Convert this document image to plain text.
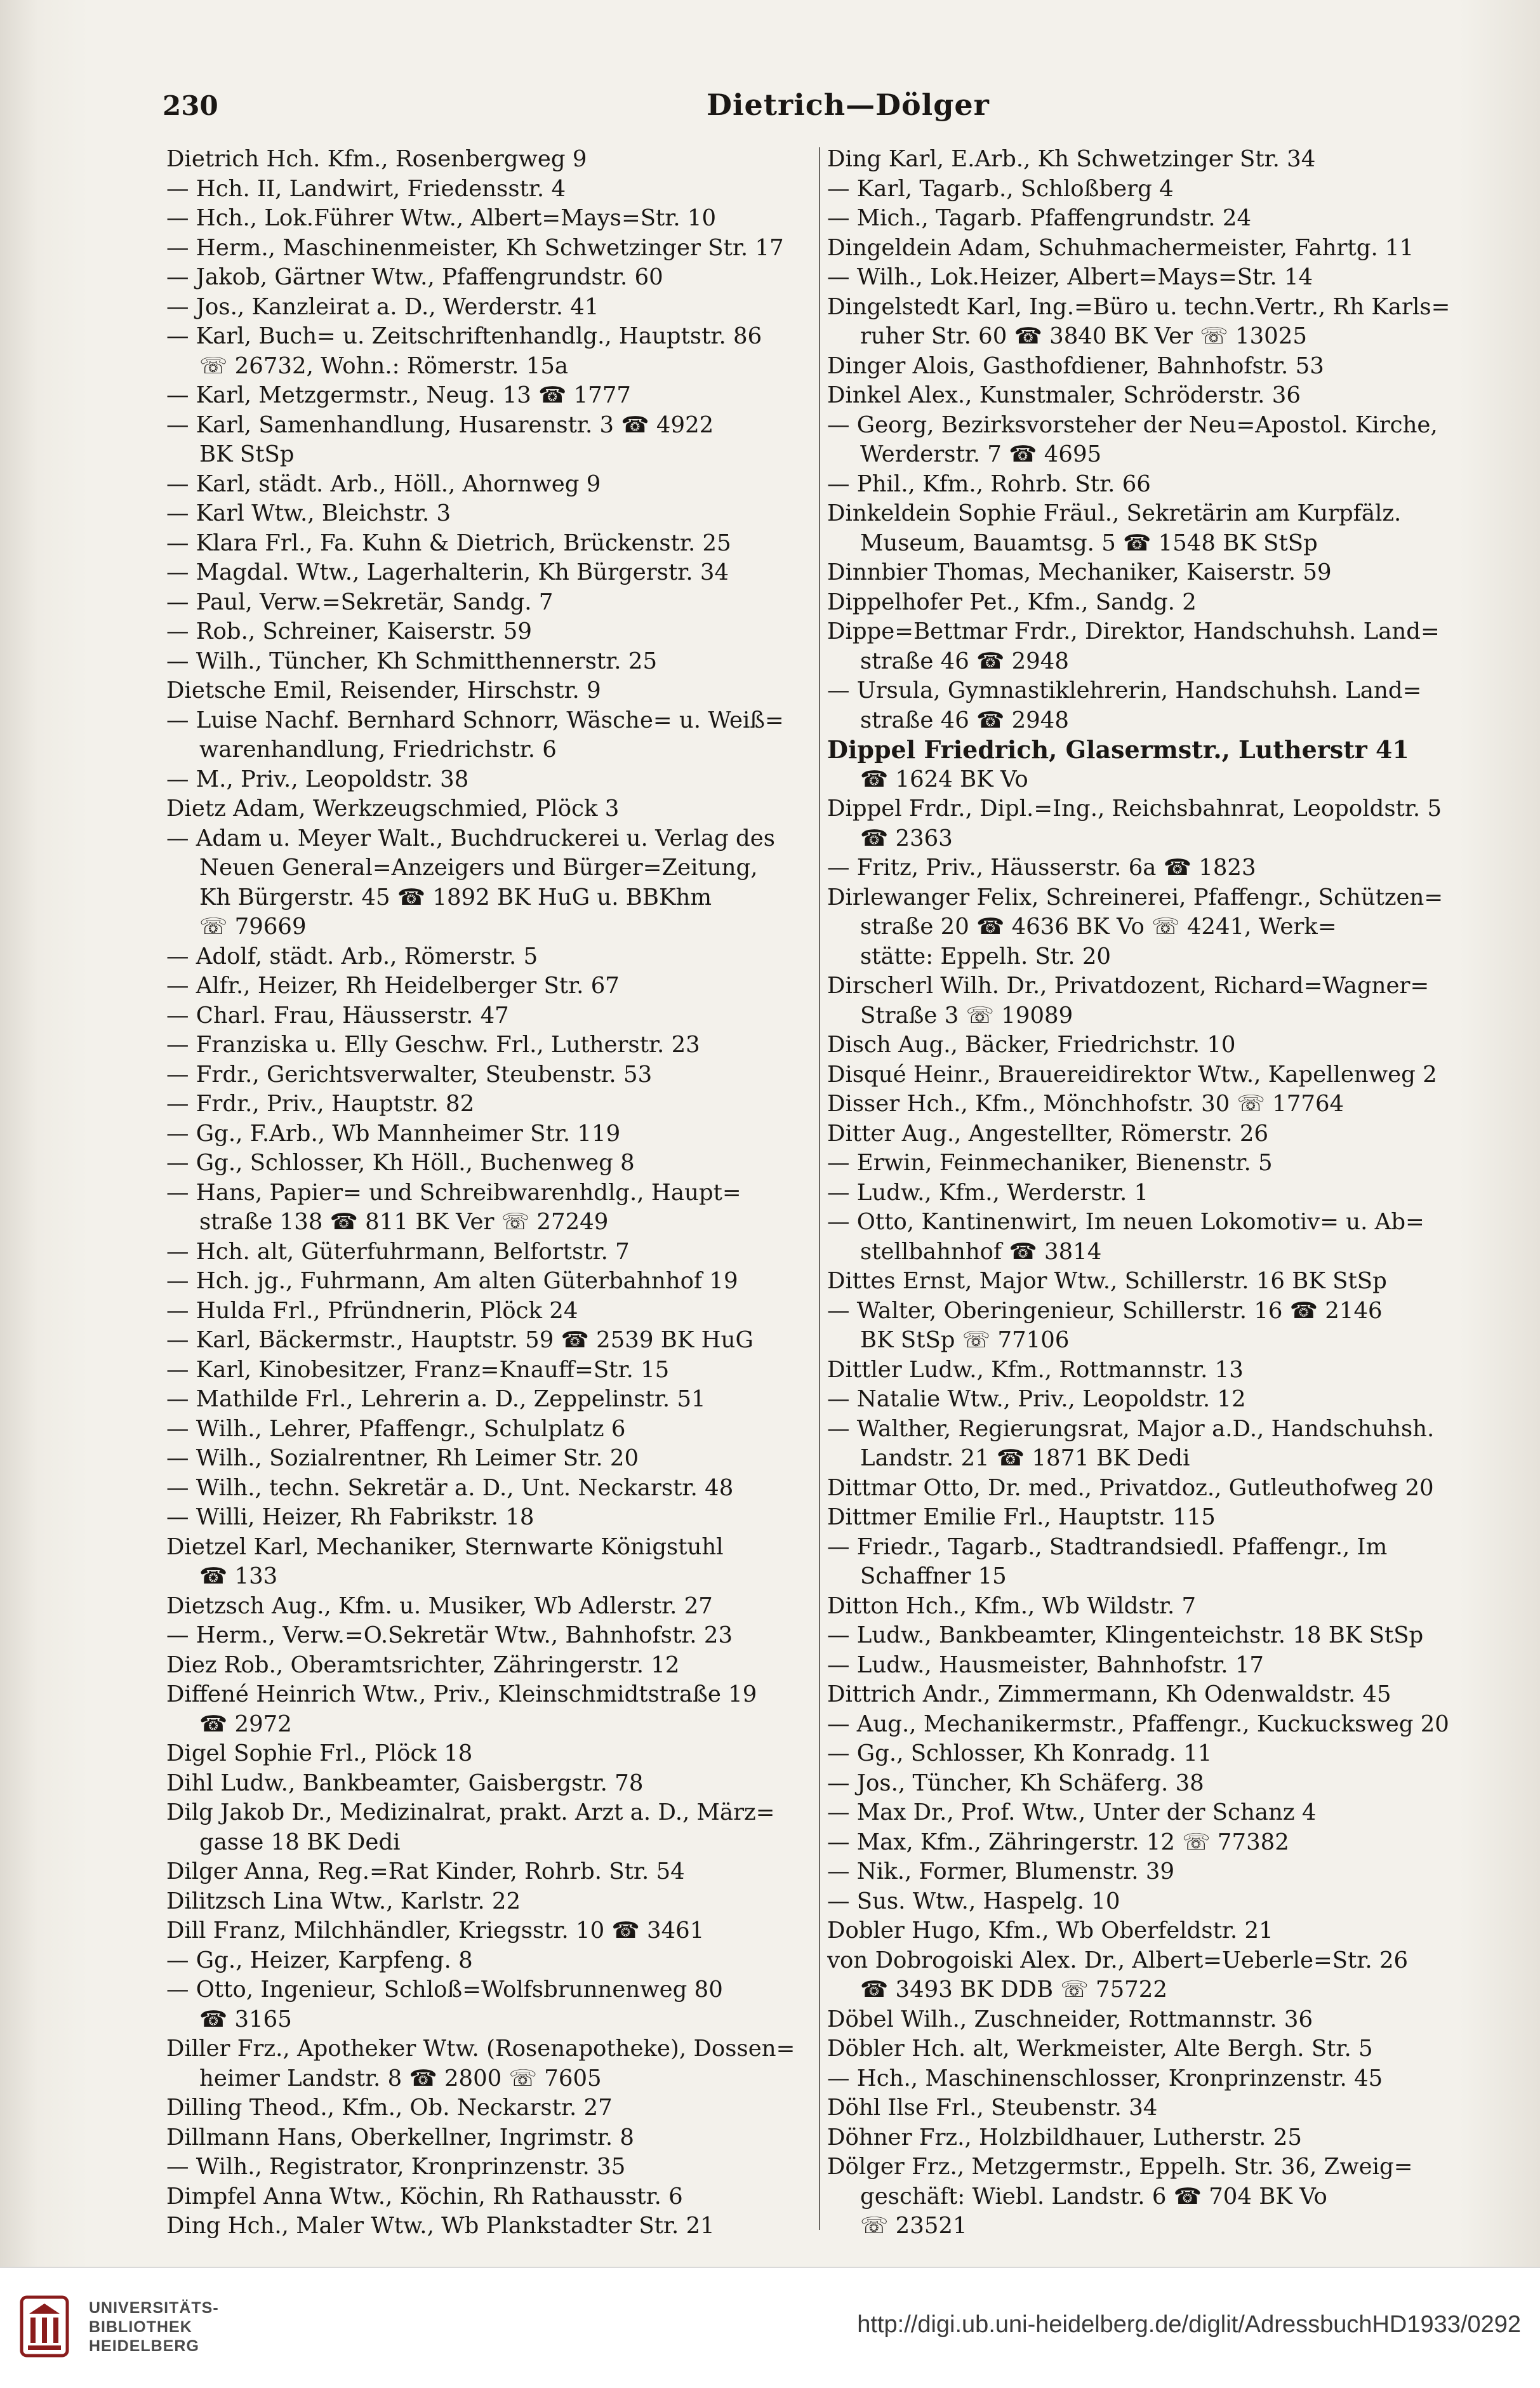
230	Dietrich—Dölger
Dietrich Hch. Kfm., Rosenbergweg 9
— Hch. II, Landwirt, Friedensstr. 4
— Hch., Lok.Führer Wtw., Albert=Mays=Str. 10
— Herm., Maschinenmeister, Kh Schwetzinger Str. 17
— Jakob, Gärtner Wtw., Pfaffengrundstr. 60
— Jos., Kanzleirat a. D., Werderstr. 41
— Karl, Buch= u. Zeitschriftenhandlg., Hauptstr. 86
☏ 26732, Wohn.: Römerstr. 15a
— Karl, Metzgermstr., Neug. 13 ☎ 1777
— Karl, Samenhandlung, Husarenstr. 3 ☎ 4922
BK StSp
— Karl, städt. Arb., Höll., Ahornweg 9
— Karl Wtw., Bleichstr. 3
— Klara Frl., Fa. Kuhn & Dietrich, Brückenstr. 25
— Magdal. Wtw., Lagerhalterin, Kh Bürgerstr. 34
— Paul, Verw.=Sekretär, Sandg. 7
— Rob., Schreiner, Kaiserstr. 59
— Wilh., Tüncher, Kh Schmitthennerstr. 25
Dietsche Emil, Reisender, Hirschstr. 9
— Luise Nachf. Bernhard Schnorr, Wäsche= u. Weiß=
warenhandlung, Friedrichstr. 6
— M., Priv., Leopoldstr. 38
Dietz Adam, Werkzeugschmied, Plöck 3
— Adam u. Meyer Walt., Buchdruckerei u. Verlag des
Neuen General=Anzeigers und Bürger=Zeitung,
Kh Bürgerstr. 45 ☎ 1892 BK HuG u. BBKhm
☏ 79669
— Adolf, städt. Arb., Römerstr. 5
— Alfr., Heizer, Rh Heidelberger Str. 67
— Charl. Frau, Häusserstr. 47
— Franziska u. Elly Geschw. Frl., Lutherstr. 23
— Frdr., Gerichtsverwalter, Steubenstr. 53
— Frdr., Priv., Hauptstr. 82
— Gg., F.Arb., Wb Mannheimer Str. 119
— Gg., Schlosser, Kh Höll., Buchenweg 8
— Hans, Papier= und Schreibwarenhdlg., Haupt=
straße 138 ☎ 811 BK Ver ☏ 27249
— Hch. alt, Güterfuhrmann, Belfortstr. 7
— Hch. jg., Fuhrmann, Am alten Güterbahnhof 19
— Hulda Frl., Pfründnerin, Plöck 24
— Karl, Bäckermstr., Hauptstr. 59 ☎ 2539 BK HuG
— Karl, Kinobesitzer, Franz=Knauff=Str. 15
— Mathilde Frl., Lehrerin a. D., Zeppelinstr. 51
— Wilh., Lehrer, Pfaffengr., Schulplatz 6
— Wilh., Sozialrentner, Rh Leimer Str. 20
— Wilh., techn. Sekretär a. D., Unt. Neckarstr. 48
— Willi, Heizer, Rh Fabrikstr. 18
Dietzel Karl, Mechaniker, Sternwarte Königstuhl
☎ 133
Dietzsch Aug., Kfm. u. Musiker, Wb Adlerstr. 27
— Herm., Verw.=O.Sekretär Wtw., Bahnhofstr. 23
Diez Rob., Oberamtsrichter, Zähringerstr. 12
Diffené Heinrich Wtw., Priv., Kleinschmidtstraße 19
☎ 2972
Digel Sophie Frl., Plöck 18
Dihl Ludw., Bankbeamter, Gaisbergstr. 78
Dilg Jakob Dr., Medizinalrat, prakt. Arzt a. D., März=
gasse 18 BK Dedi
Dilger Anna, Reg.=Rat Kinder, Rohrb. Str. 54
Dilitzsch Lina Wtw., Karlstr. 22
Dill Franz, Milchhändler, Kriegsstr. 10 ☎ 3461
— Gg., Heizer, Karpfeng. 8
— Otto, Ingenieur, Schloß=Wolfsbrunnenweg 80
☎ 3165
Diller Frz., Apotheker Wtw. (Rosenapotheke), Dossen=
heimer Landstr. 8 ☎ 2800 ☏ 7605
Dilling Theod., Kfm., Ob. Neckarstr. 27
Dillmann Hans, Oberkellner, Ingrimstr. 8
— Wilh., Registrator, Kronprinzenstr. 35
Dimpfel Anna Wtw., Köchin, Rh Rathausstr. 6
Ding Hch., Maler Wtw., Wb Plankstadter Str. 21
Ding Karl, E.Arb., Kh Schwetzinger Str. 34
— Karl, Tagarb., Schloßberg 4
— Mich., Tagarb. Pfaffengrundstr. 24
Dingeldein Adam, Schuhmachermeister, Fahrtg. 11
— Wilh., Lok.Heizer, Albert=Mays=Str. 14
Dingelstedt Karl, Ing.=Büro u. techn.Vertr., Rh Karls=
ruher Str. 60 ☎ 3840 BK Ver ☏ 13025
Dinger Alois, Gasthofdiener, Bahnhofstr. 53
Dinkel Alex., Kunstmaler, Schröderstr. 36
— Georg, Bezirksvorsteher der Neu=Apostol. Kirche,
Werderstr. 7 ☎ 4695
— Phil., Kfm., Rohrb. Str. 66
Dinkeldein Sophie Fräul., Sekretärin am Kurpfälz.
Museum, Bauamtsg. 5 ☎ 1548 BK StSp
Dinnbier Thomas, Mechaniker, Kaiserstr. 59
Dippelhofer Pet., Kfm., Sandg. 2
Dippe=Bettmar Frdr., Direktor, Handschuhsh. Land=
straße 46 ☎ 2948
— Ursula, Gymnastiklehrerin, Handschuhsh. Land=
straße 46 ☎ 2948
Dippel Friedrich, Glasermstr., Lutherstr 41
☎ 1624 BK Vo
Dippel Frdr., Dipl.=Ing., Reichsbahnrat, Leopoldstr. 5
☎ 2363
— Fritz, Priv., Häusserstr. 6a ☎ 1823
Dirlewanger Felix, Schreinerei, Pfaffengr., Schützen=
straße 20 ☎ 4636 BK Vo ☏ 4241, Werk=
stätte: Eppelh. Str. 20
Dirscherl Wilh. Dr., Privatdozent, Richard=Wagner=
Straße 3 ☏ 19089
Disch Aug., Bäcker, Friedrichstr. 10
Disqué Heinr., Brauereidirektor Wtw., Kapellenweg 2
Disser Hch., Kfm., Mönchhofstr. 30 ☏ 17764
Ditter Aug., Angestellter, Römerstr. 26
— Erwin, Feinmechaniker, Bienenstr. 5
— Ludw., Kfm., Werderstr. 1
— Otto, Kantinenwirt, Im neuen Lokomotiv= u. Ab=
stellbahnhof ☎ 3814
Dittes Ernst, Major Wtw., Schillerstr. 16 BK StSp
— Walter, Oberingenieur, Schillerstr. 16 ☎ 2146
BK StSp ☏ 77106
Dittler Ludw., Kfm., Rottmannstr. 13
— Natalie Wtw., Priv., Leopoldstr. 12
— Walther, Regierungsrat, Major a.D., Handschuhsh.
Landstr. 21 ☎ 1871 BK Dedi
Dittmar Otto, Dr. med., Privatdoz., Gutleuthofweg 20
Dittmer Emilie Frl., Hauptstr. 115
— Friedr., Tagarb., Stadtrandsiedl. Pfaffengr., Im
Schaffner 15
Ditton Hch., Kfm., Wb Wildstr. 7
— Ludw., Bankbeamter, Klingenteichstr. 18 BK StSp
— Ludw., Hausmeister, Bahnhofstr. 17
Dittrich Andr., Zimmermann, Kh Odenwaldstr. 45
— Aug., Mechanikermstr., Pfaffengr., Kuckucksweg 20
— Gg., Schlosser, Kh Konradg. 11
— Jos., Tüncher, Kh Schäferg. 38
— Max Dr., Prof. Wtw., Unter der Schanz 4
— Max, Kfm., Zähringerstr. 12 ☏ 77382
— Nik., Former, Blumenstr. 39
— Sus. Wtw., Haspelg. 10
Dobler Hugo, Kfm., Wb Oberfeldstr. 21
von Dobrogoiski Alex. Dr., Albert=Ueberle=Str. 26
☎ 3493 BK DDB ☏ 75722
Döbel Wilh., Zuschneider, Rottmannstr. 36
Döbler Hch. alt, Werkmeister, Alte Bergh. Str. 5
— Hch., Maschinenschlosser, Kronprinzenstr. 45
Döhl Ilse Frl., Steubenstr. 34
Döhner Frz., Holzbildhauer, Lutherstr. 25
Dölger Frz., Metzgermstr., Eppelh. Str. 36, Zweig=
geschäft: Wiebl. Landstr. 6 ☎ 704 BK Vo
☏ 23521
UNIVERSITÄTS-
BIBLIOTHEK
HEIDELBERG
http://digi.ub.uni-heidelberg.de/diglit/AdressbuchHD1933/0292
